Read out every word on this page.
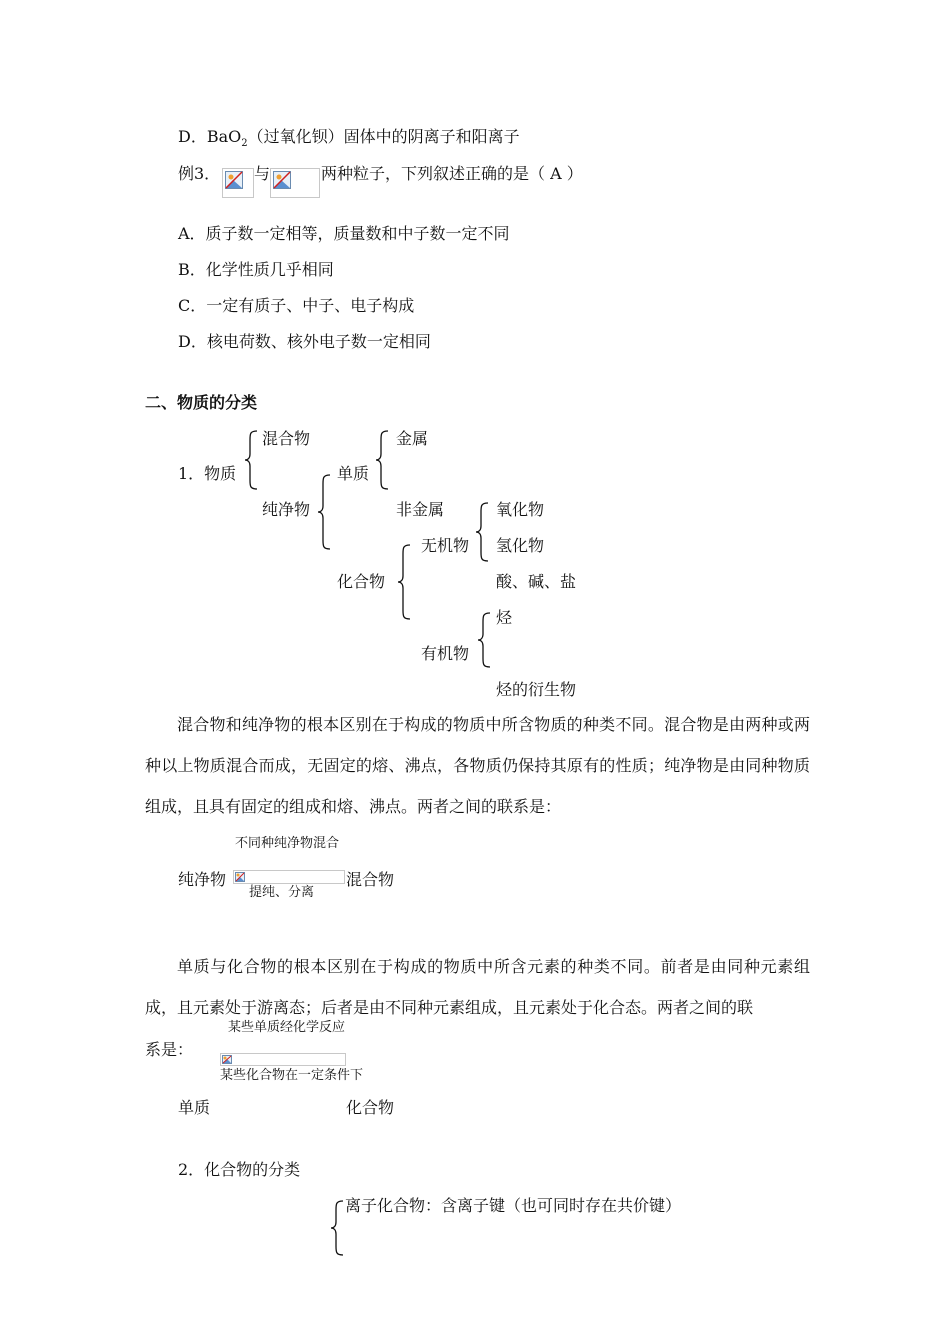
D．BaO$_2$（过氧化钡）固体中的阴离子和阳离子
例3． 与	两种粒子，下列叙述正确的是（ A ）
A．质子数一定相等，质量数和中子数一定不同
B．化学性质几乎相同
C．一定有质子、中子、电子构成
D．核电荷数、核外电子数一定相同
二、物质的分类
1．物质
混合物
纯净物
单质
金属
非金属
化合物
无机物
氧化物
氢化物
酸、碱、盐
有机物
烃
烃的衍生物
混合物和纯净物的根本区别在于构成的物质中所含物质的种类不同。混合物是由两种或两种以上物质混合而成，无固定的熔、沸点，各物质仍保持其原有的性质；纯净物是由同种物质组成，且具有固定的组成和熔、沸点。两者之间的联系是：
不同种纯净物混合
纯净物	混合物
提纯、分离
单质与化合物的根本区别在于构成的物质中所含元素的种类不同。前者是由同种元素组成，且元素处于游离态；后者是由不同种元素组成，且元素处于化合态。两者之间的联
系是：
某些单质经化学反应
某些化合物在一定条件下
单质	化合物
2．化合物的分类
离子化合物：含离子键（也可同时存在共价键）
